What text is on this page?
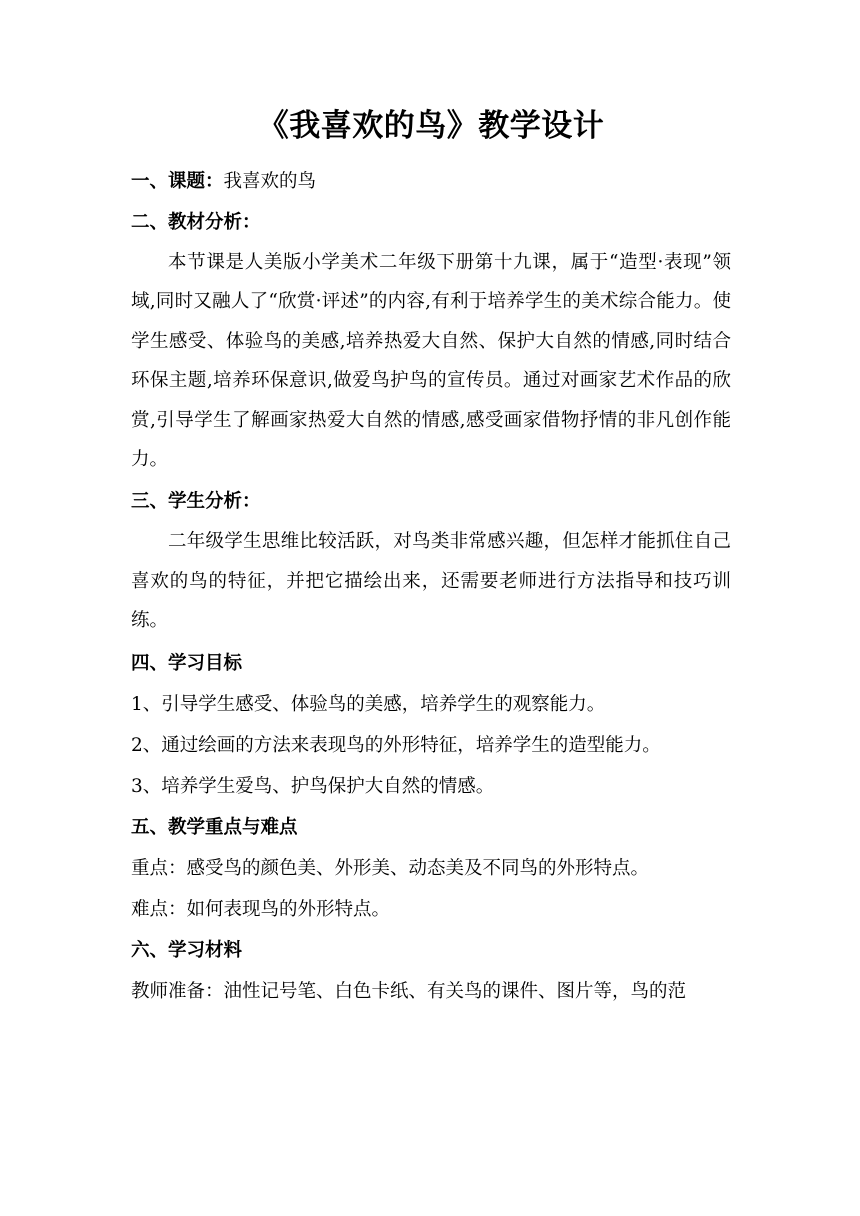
《我喜欢的鸟》教学设计
一、课题：我喜欢的鸟
二、教材分析：

本节课是人美版小学美术二年级下册第十九课，属于“造型·表现”领域,同时又融人了“欣赏·评述”的内容,有利于培养学生的美术综合能力。使学生感受、体验鸟的美感,培养热爱大自然、保护大自然的情感,同时结合环保主题,培养环保意识,做爱鸟护鸟的宣传员。通过对画家艺术作品的欣赏,引导学生了解画家热爱大自然的情感,感受画家借物抒情的非凡创作能力。

三、学生分析：

二年级学生思维比较活跃，对鸟类非常感兴趣，但怎样才能抓住自己喜欢的鸟的特征，并把它描绘出来，还需要老师进行方法指导和技巧训练。

四、学习目标
1、引导学生感受、体验鸟的美感，培养学生的观察能力。
2、通过绘画的方法来表现鸟的外形特征，培养学生的造型能力。
3、培养学生爱鸟、护鸟保护大自然的情感。
五、教学重点与难点
重点：感受鸟的颜色美、外形美、动态美及不同鸟的外形特点。
难点：如何表现鸟的外形特点。
六、学习材料
教师准备：油性记号笔、白色卡纸、有关鸟的课件、图片等，鸟的范
